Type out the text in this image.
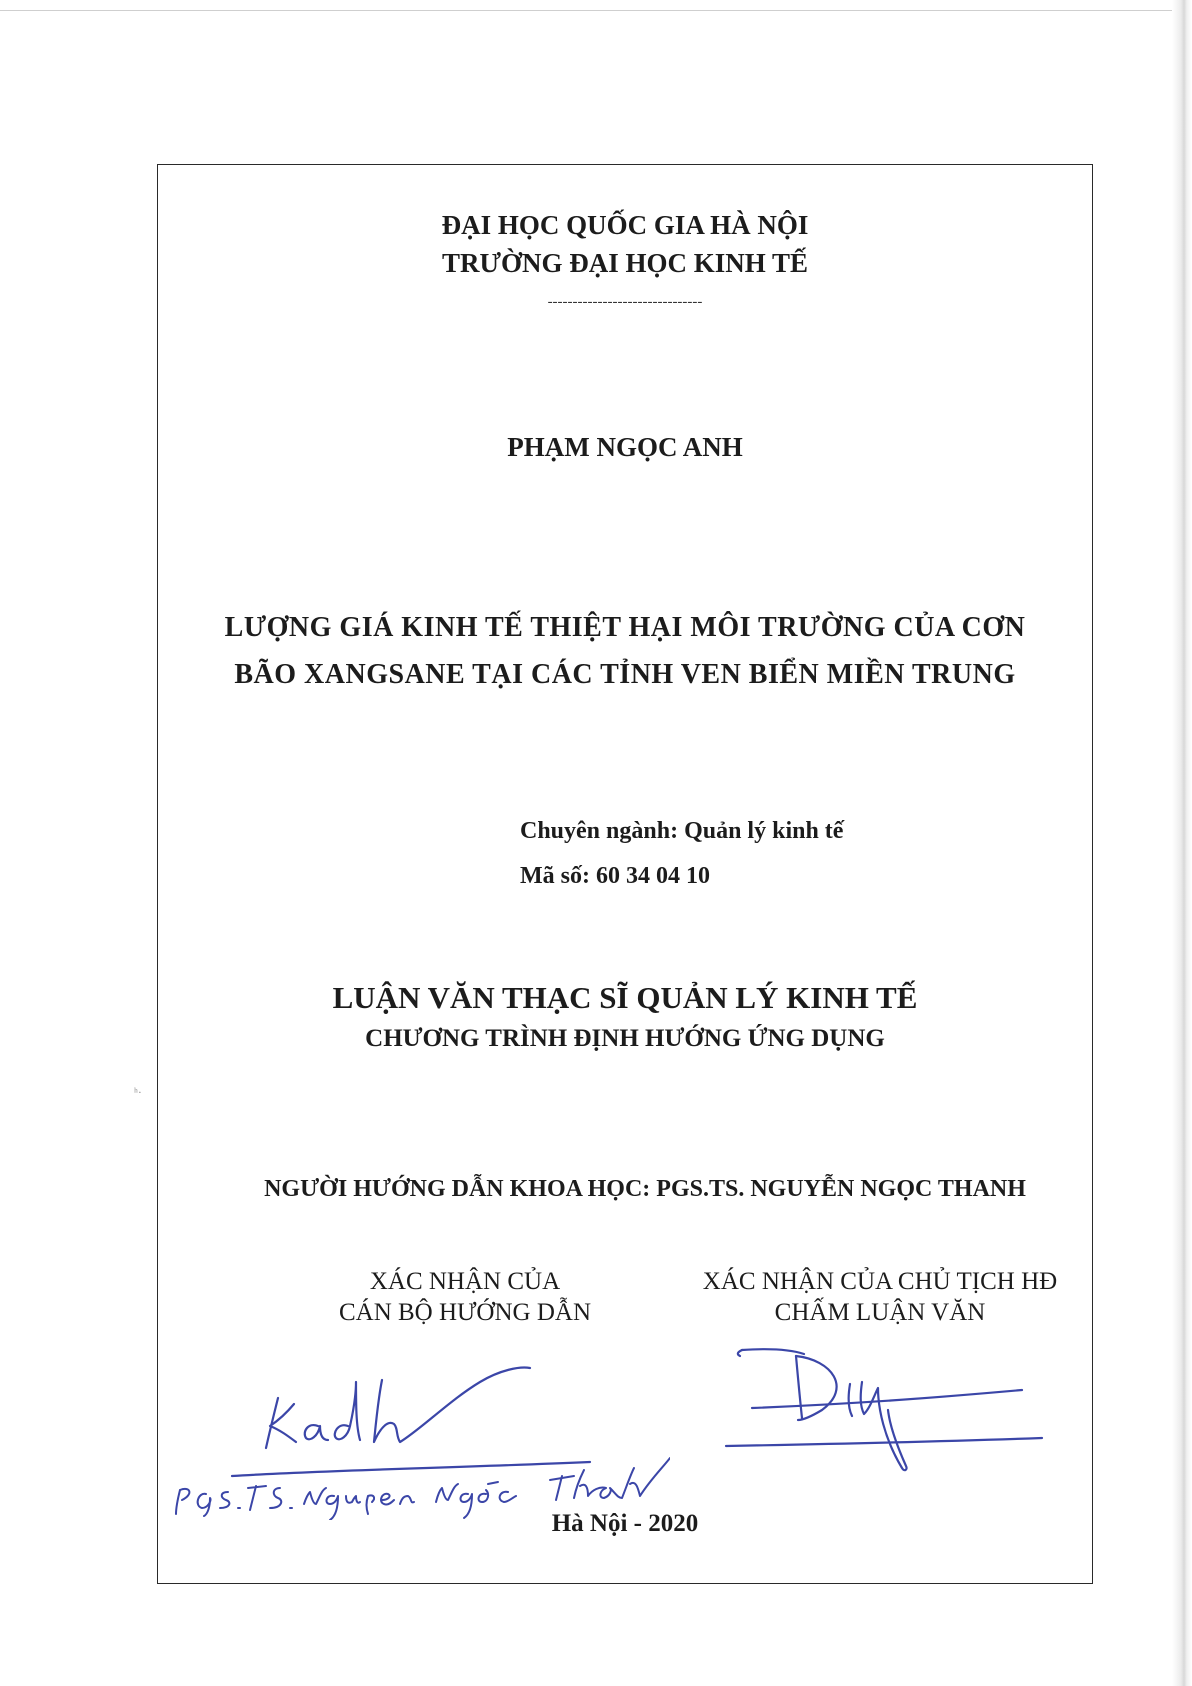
ʰ·
ĐẠI HỌC QUỐC GIA HÀ NỘI
TRƯỜNG ĐẠI HỌC KINH TẾ
-------------------------------
PHẠM NGỌC ANH
LƯỢNG GIÁ KINH TẾ THIỆT HẠI MÔI TRƯỜNG CỦA CƠN
BÃO XANGSANE TẠI CÁC TỈNH VEN BIỂN MIỀN TRUNG
Chuyên ngành: Quản lý kinh tế
Mã số: 60 34 04 10
LUẬN VĂN THẠC SĨ QUẢN LÝ KINH TẾ
CHƯƠNG TRÌNH ĐỊNH HƯỚNG ỨNG DỤNG
NGƯỜI HƯỚNG DẪN KHOA HỌC: PGS.TS. NGUYỄN NGỌC THANH
XÁC NHẬN CỦA
CÁN BỘ HƯỚNG DẪN
XÁC NHẬN CỦA CHỦ TỊCH HĐ
CHẤM LUẬN VĂN
Hà Nội - 2020
